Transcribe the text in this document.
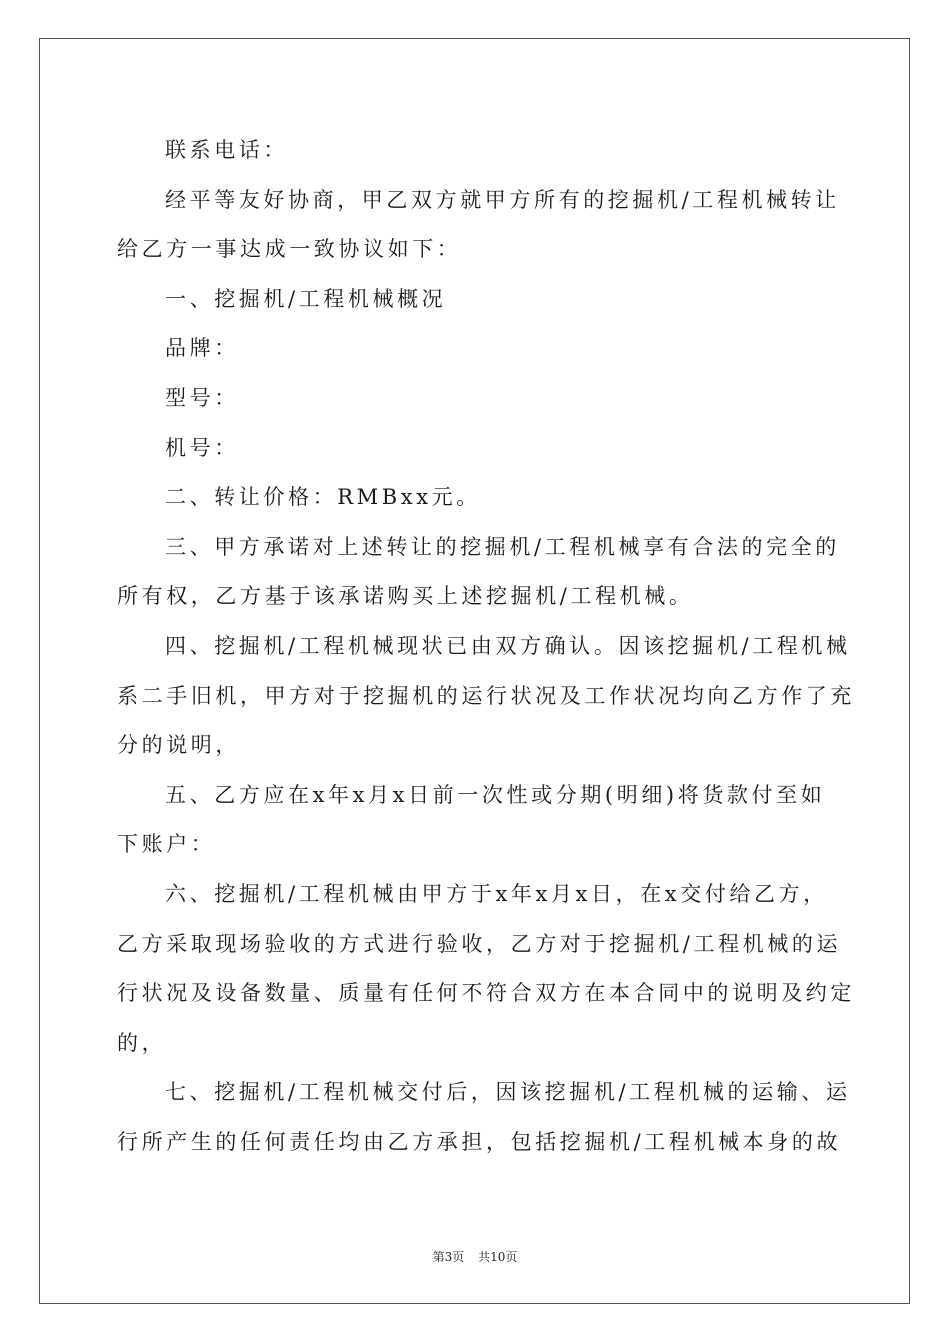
联系电话：
经平等友好协商，甲乙双方就甲方所有的挖掘机/工程机械转让
给乙方一事达成一致协议如下：
一、挖掘机/工程机械概况
品牌：
型号：
机号：
二、转让价格：RMBxx元。
三、甲方承诺对上述转让的挖掘机/工程机械享有合法的完全的
所有权，乙方基于该承诺购买上述挖掘机/工程机械。
四、挖掘机/工程机械现状已由双方确认。因该挖掘机/工程机械
系二手旧机，甲方对于挖掘机的运行状况及工作状况均向乙方作了充
分的说明，
五、乙方应在x年x月x日前一次性或分期(明细)将货款付至如
下账户：
六、挖掘机/工程机械由甲方于x年x月x日，在x交付给乙方，
乙方采取现场验收的方式进行验收，乙方对于挖掘机/工程机械的运
行状况及设备数量、质量有任何不符合双方在本合同中的说明及约定
的，
七、挖掘机/工程机械交付后，因该挖掘机/工程机械的运输、运
行所产生的任何责任均由乙方承担，包括挖掘机/工程机械本身的故
第3页 共10页
